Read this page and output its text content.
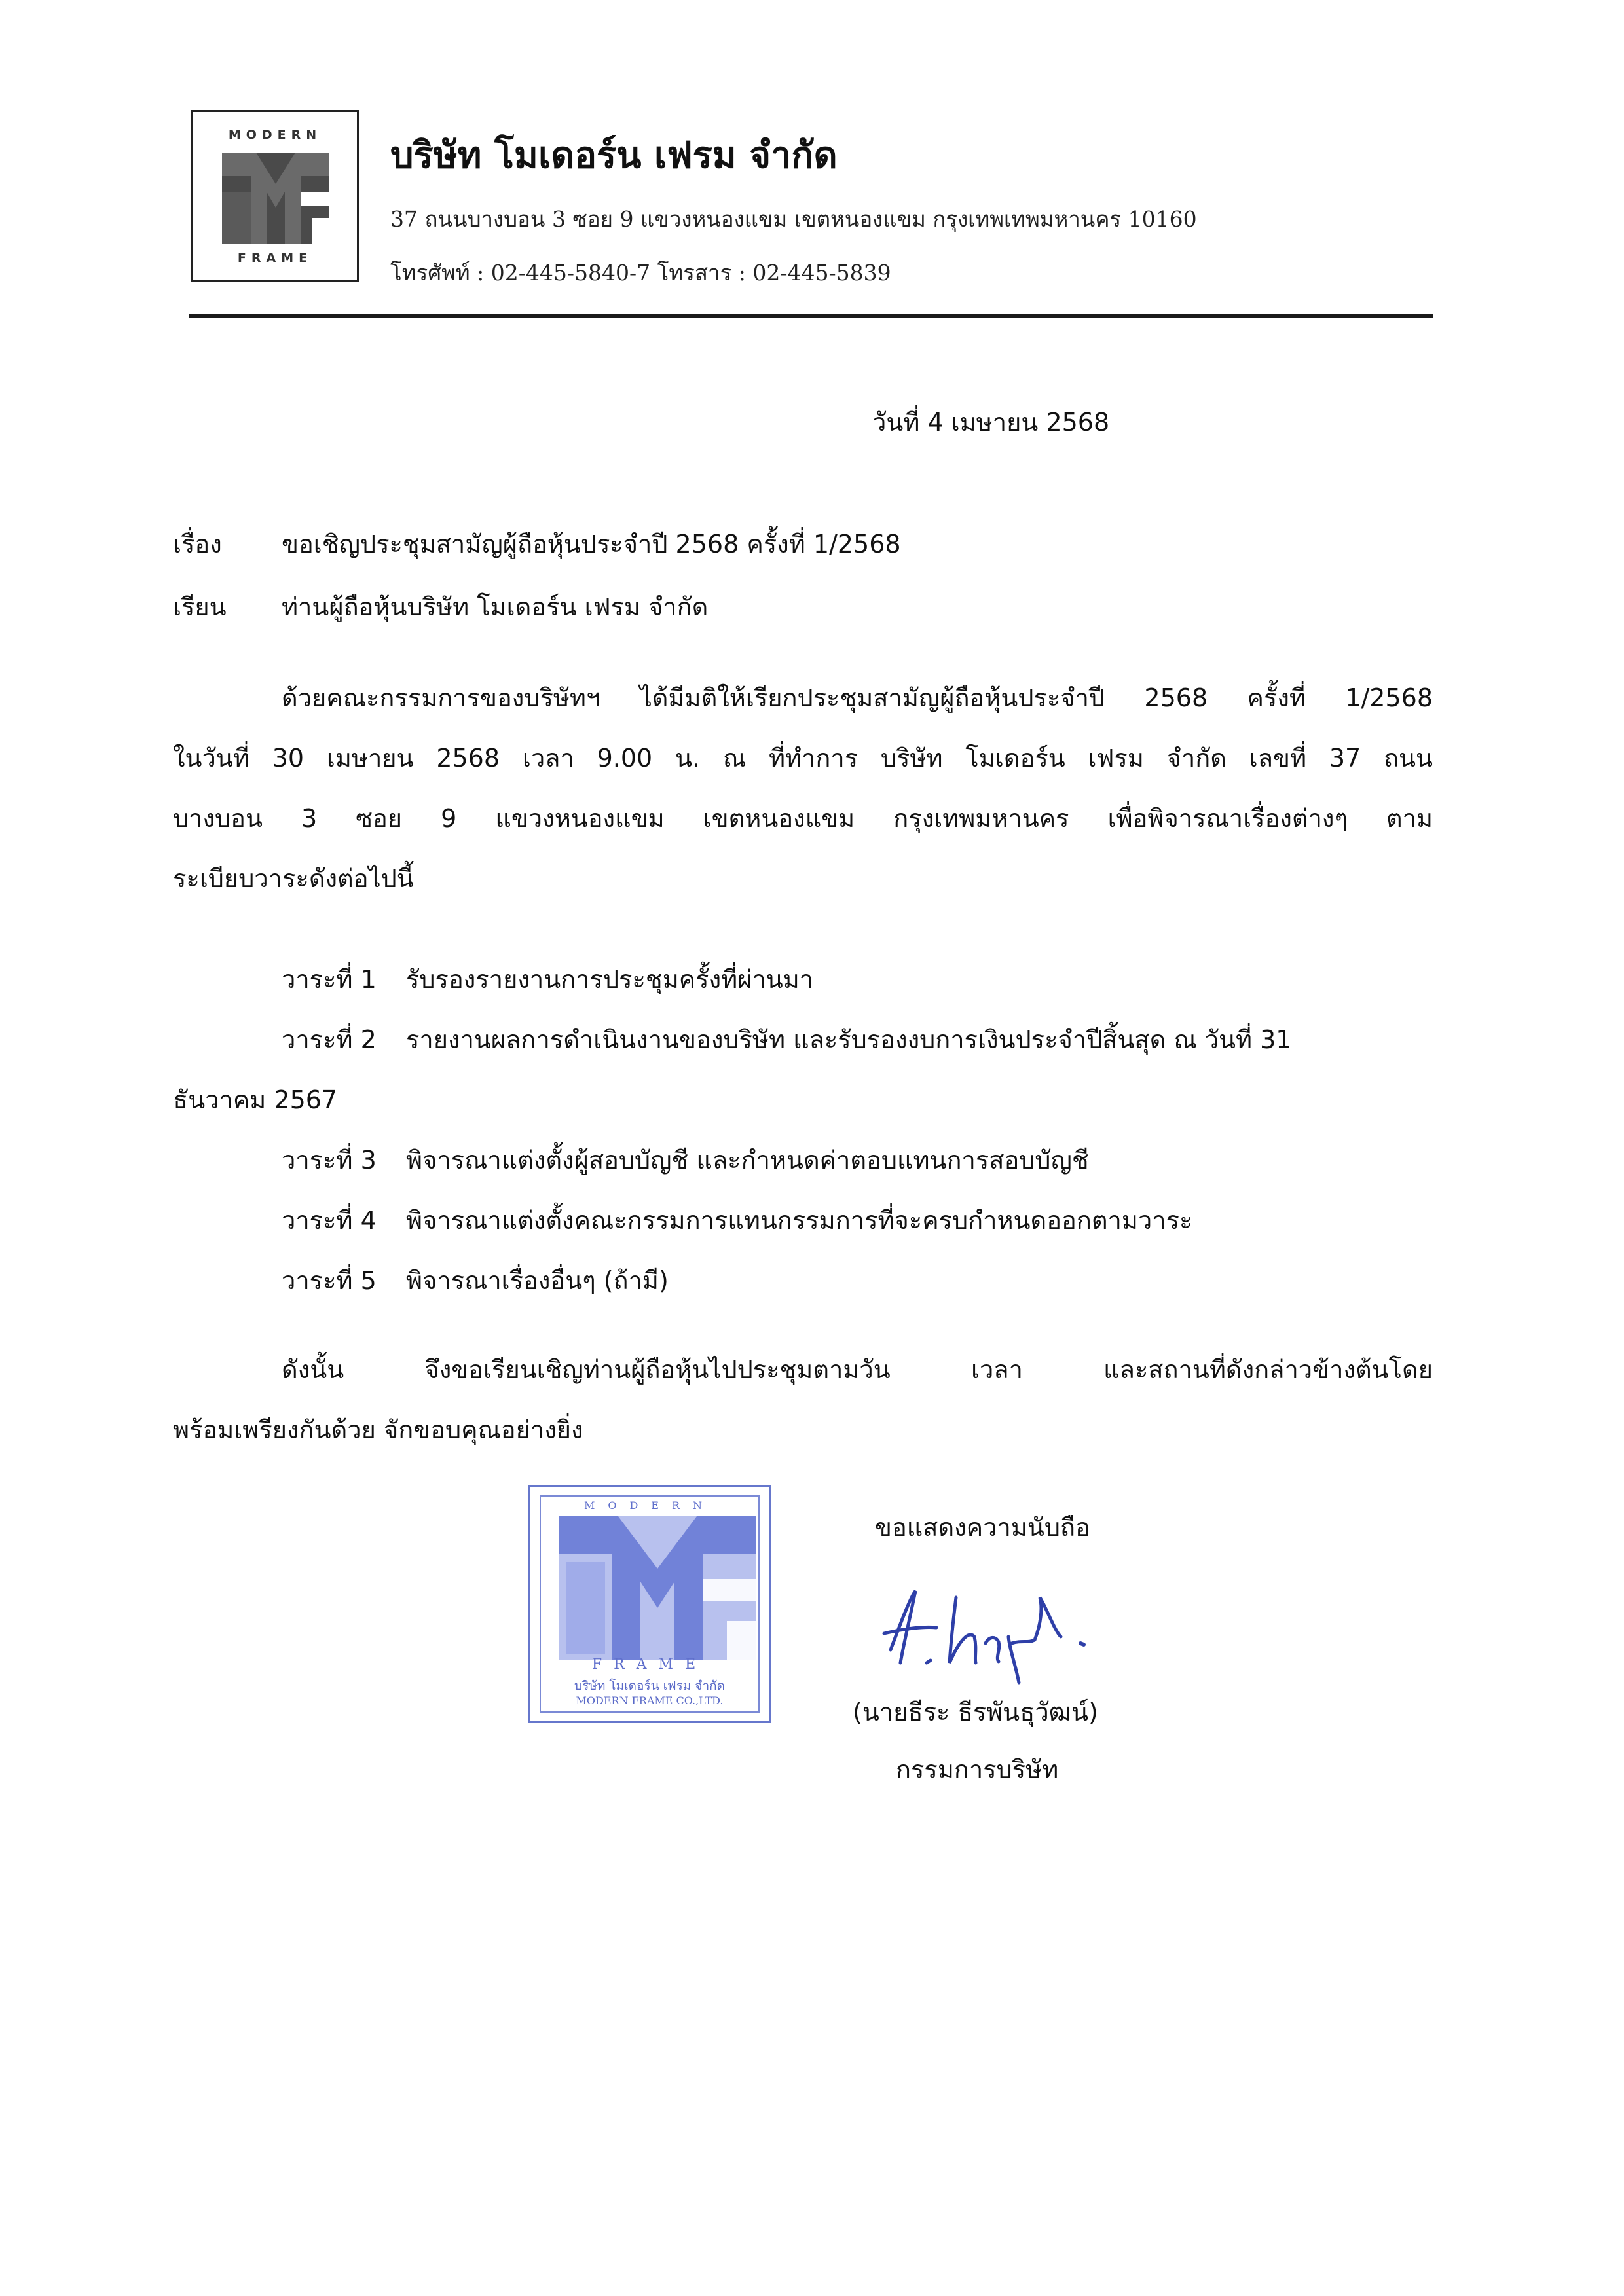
MODERN
FRAME
บริษัท โมเดอร์น เฟรม จำกัด
37 ถนนบางบอน 3 ซอย 9 แขวงหนองแขม เขตหนองแขม กรุงเทพเทพมหานคร 10160
โทรศัพท์ : 02-445-5840-7 โทรสาร : 02-445-5839
วันที่ 4 เมษายน 2568
เรื่อง ขอเชิญประชุมสามัญผู้ถือหุ้นประจำปี 2568 ครั้งที่ 1/2568
เรียน ท่านผู้ถือหุ้นบริษัท โมเดอร์น เฟรม จำกัด
ด้วยคณะกรรมการของบริษัทฯ ได้มีมติให้เรียกประชุมสามัญผู้ถือหุ้นประจำปี 2568 ครั้งที่ 1/2568
ในวันที่ 30 เมษายน 2568 เวลา 9.00 น. ณ ที่ทำการ บริษัท โมเดอร์น เฟรม จำกัด เลขที่ 37 ถนน
บางบอน 3 ซอย 9 แขวงหนองแขม เขตหนองแขม กรุงเทพมหานคร เพื่อพิจารณาเรื่องต่างๆ ตาม
ระเบียบวาระดังต่อไปนี้
วาระที่ 1 รับรองรายงานการประชุมครั้งที่ผ่านมา
วาระที่ 2 รายงานผลการดำเนินงานของบริษัท และรับรองงบการเงินประจำปีสิ้นสุด ณ วันที่ 31
ธันวาคม 2567
วาระที่ 3 พิจารณาแต่งตั้งผู้สอบบัญชี และกำหนดค่าตอบแทนการสอบบัญชี
วาระที่ 4 พิจารณาแต่งตั้งคณะกรรมการแทนกรรมการที่จะครบกำหนดออกตามวาระ
วาระที่ 5 พิจารณาเรื่องอื่นๆ (ถ้ามี)
ดังนั้น จึงขอเรียนเชิญท่านผู้ถือหุ้นไปประชุมตามวัน เวลา และสถานที่ดังกล่าวข้างต้นโดย
พร้อมเพรียงกันด้วย จักขอบคุณอย่างยิ่ง
MODERN
FRAME
บริษัท โมเดอร์น เฟรม จำกัด
MODERN FRAME CO.,LTD.
ขอแสดงความนับถือ
(นายธีระ ธีรพันธุวัฒน์)
กรรมการบริษัท
